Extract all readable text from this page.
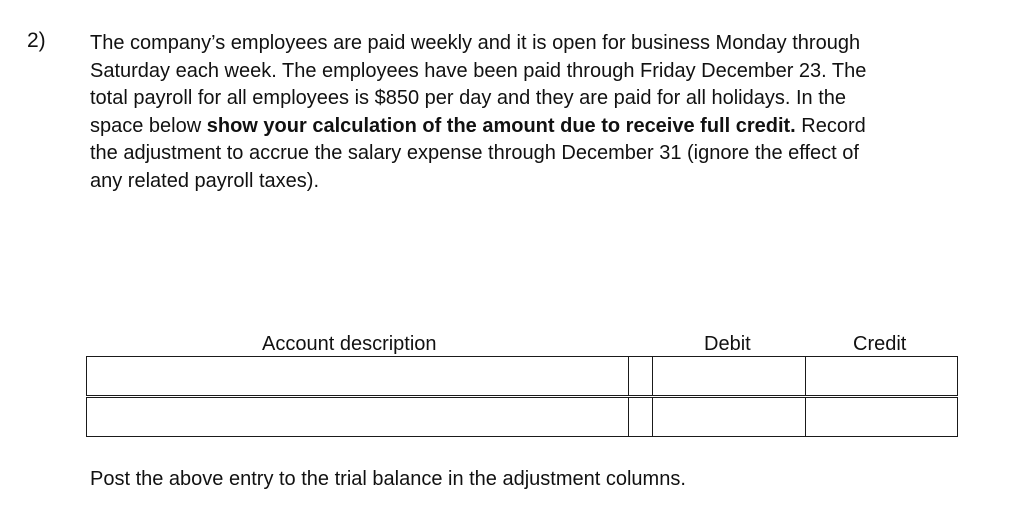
2) The company’s employees are paid weekly and it is open for business Monday through
Saturday each week. The employees have been paid through Friday December 23. The
total payroll for all employees is $850 per day and they are paid for all holidays. In the
space below show your calculation of the amount due to receive full credit. Record
the adjustment to accrue the salary expense through December 31 (ignore the effect of
any related payroll taxes).

Account description	Debit	Credit
Post the above entry to the trial balance in the adjustment columns.
